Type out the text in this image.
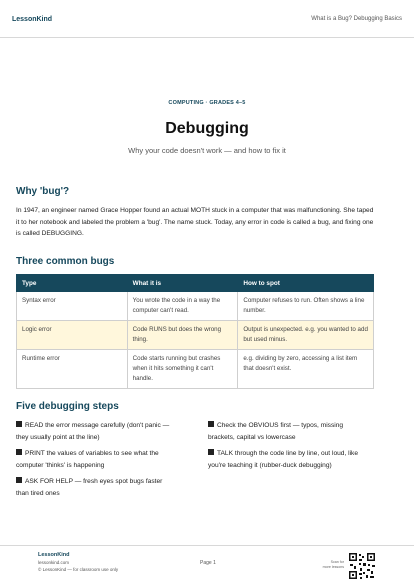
LessonKind	What is a Bug? Debugging Basics
COMPUTING · GRADES 4–5
Debugging
Why your code doesn't work — and how to fix it
Why 'bug'?
In 1947, an engineer named Grace Hopper found an actual MOTH stuck in a computer that was malfunctioning. She taped it to her notebook and labeled the problem a 'bug'. The name stuck. Today, any error in code is called a bug, and fixing one is called DEBUGGING.
Three common bugs
Type	What it is	How to spot
Syntax error	You wrote the code in a way the computer can't read.	Computer refuses to run. Often shows a line number.
Logic error	Code RUNS but does the wrong thing.	Output is unexpected. e.g. you wanted to add but used minus.
Runtime error	Code starts running but crashes when it hits something it can't handle.	e.g. dividing by zero, accessing a list item that doesn't exist.
Five debugging steps
READ the error message carefully (don't panic — they usually point at the line)
Check the OBVIOUS first — typos, missing brackets, capital vs lowercase
PRINT the values of variables to see what the computer 'thinks' is happening
TALK through the code line by line, out loud, like you're teaching it (rubber-duck debugging)
ASK FOR HELP — fresh eyes spot bugs faster than tired ones
LessonKind
lessonkind.com
© LessonKind — for classroom use only
Page 1	Scan for
more lessons
